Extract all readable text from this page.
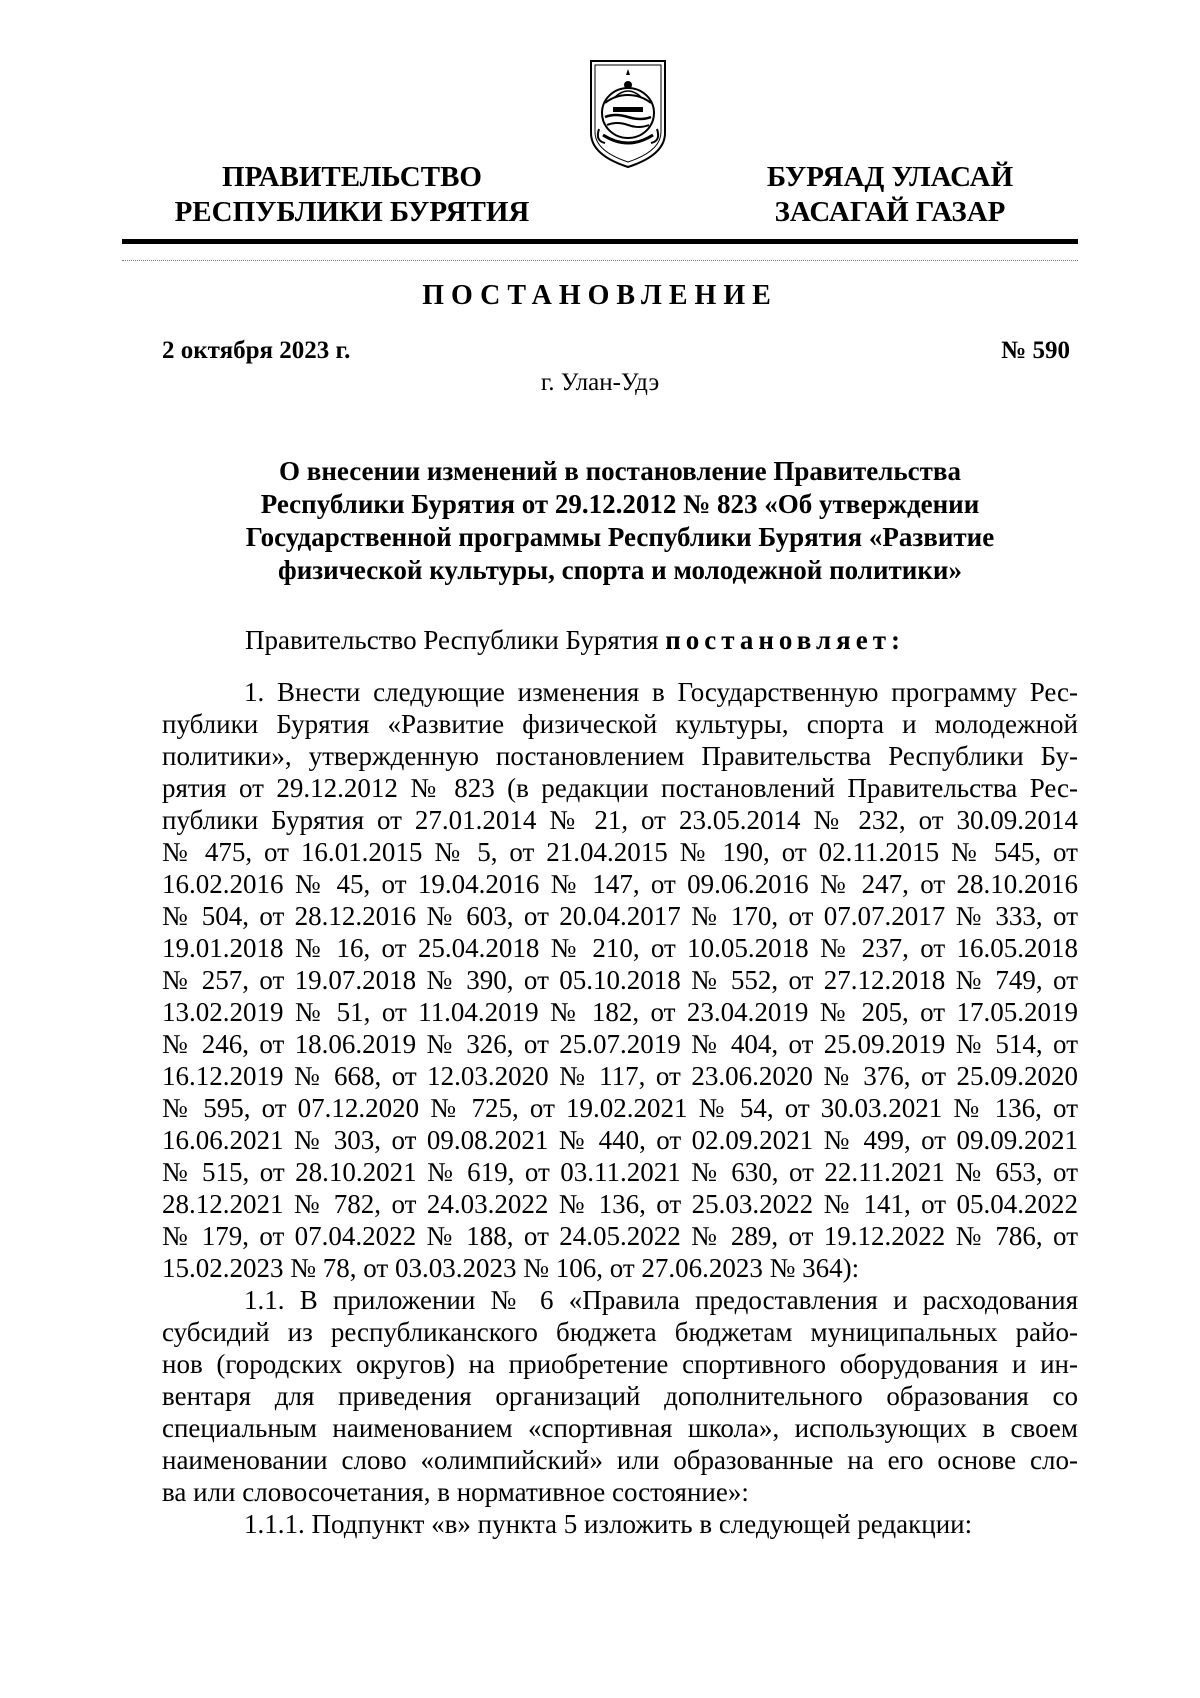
ПРАВИТЕЛЬСТВО
РЕСПУБЛИКИ БУРЯТИЯ
БУРЯАД УЛАСАЙ
ЗАСАГАЙ ГАЗАР
ПОСТАНОВЛЕНИЕ
2 октября 2023 г.	№ 590
г. Улан-Удэ
О внесении изменений в постановление Правительства
Республики Бурятия от 29.12.2012 № 823 «Об утверждении
Государственной программы Республики Бурятия «Развитие
физической культуры, спорта и молодежной политики»
Правительство Республики Бурятия постановляет:
1. Внести следующие изменения в Государственную программу Рес-
публики Бурятия «Развитие физической культуры, спорта и молодежной
политики», утвержденную постановлением Правительства Республики Бу-
рятия от 29.12.2012 № 823 (в редакции постановлений Правительства Рес-
публики Бурятия от 27.01.2014 № 21, от 23.05.2014 № 232, от 30.09.2014
№ 475, от 16.01.2015 № 5, от 21.04.2015 № 190, от 02.11.2015 № 545, от
16.02.2016 № 45, от 19.04.2016 № 147, от 09.06.2016 № 247, от 28.10.2016
№ 504, от 28.12.2016 № 603, от 20.04.2017 № 170, от 07.07.2017 № 333, от
19.01.2018 № 16, от 25.04.2018 № 210, от 10.05.2018 № 237, от 16.05.2018
№ 257, от 19.07.2018 № 390, от 05.10.2018 № 552, от 27.12.2018 № 749, от
13.02.2019 № 51, от 11.04.2019 № 182, от 23.04.2019 № 205, от 17.05.2019
№ 246, от 18.06.2019 № 326, от 25.07.2019 № 404, от 25.09.2019 № 514, от
16.12.2019 № 668, от 12.03.2020 № 117, от 23.06.2020 № 376, от 25.09.2020
№ 595, от 07.12.2020 № 725, от 19.02.2021 № 54, от 30.03.2021 № 136, от
16.06.2021 № 303, от 09.08.2021 № 440, от 02.09.2021 № 499, от 09.09.2021
№ 515, от 28.10.2021 № 619, от 03.11.2021 № 630, от 22.11.2021 № 653, от
28.12.2021 № 782, от 24.03.2022 № 136, от 25.03.2022 № 141, от 05.04.2022
№ 179, от 07.04.2022 № 188, от 24.05.2022 № 289, от 19.12.2022 № 786, от
15.02.2023 № 78, от 03.03.2023 № 106, от 27.06.2023 № 364):
1.1. В приложении № 6 «Правила предоставления и расходования
субсидий из республиканского бюджета бюджетам муниципальных райо-
нов (городских округов) на приобретение спортивного оборудования и ин-
вентаря для приведения организаций дополнительного образования со
специальным наименованием «спортивная школа», использующих в своем
наименовании слово «олимпийский» или образованные на его основе сло-
ва или словосочетания, в нормативное состояние»:
1.1.1. Подпункт «в» пункта 5 изложить в следующей редакции:
